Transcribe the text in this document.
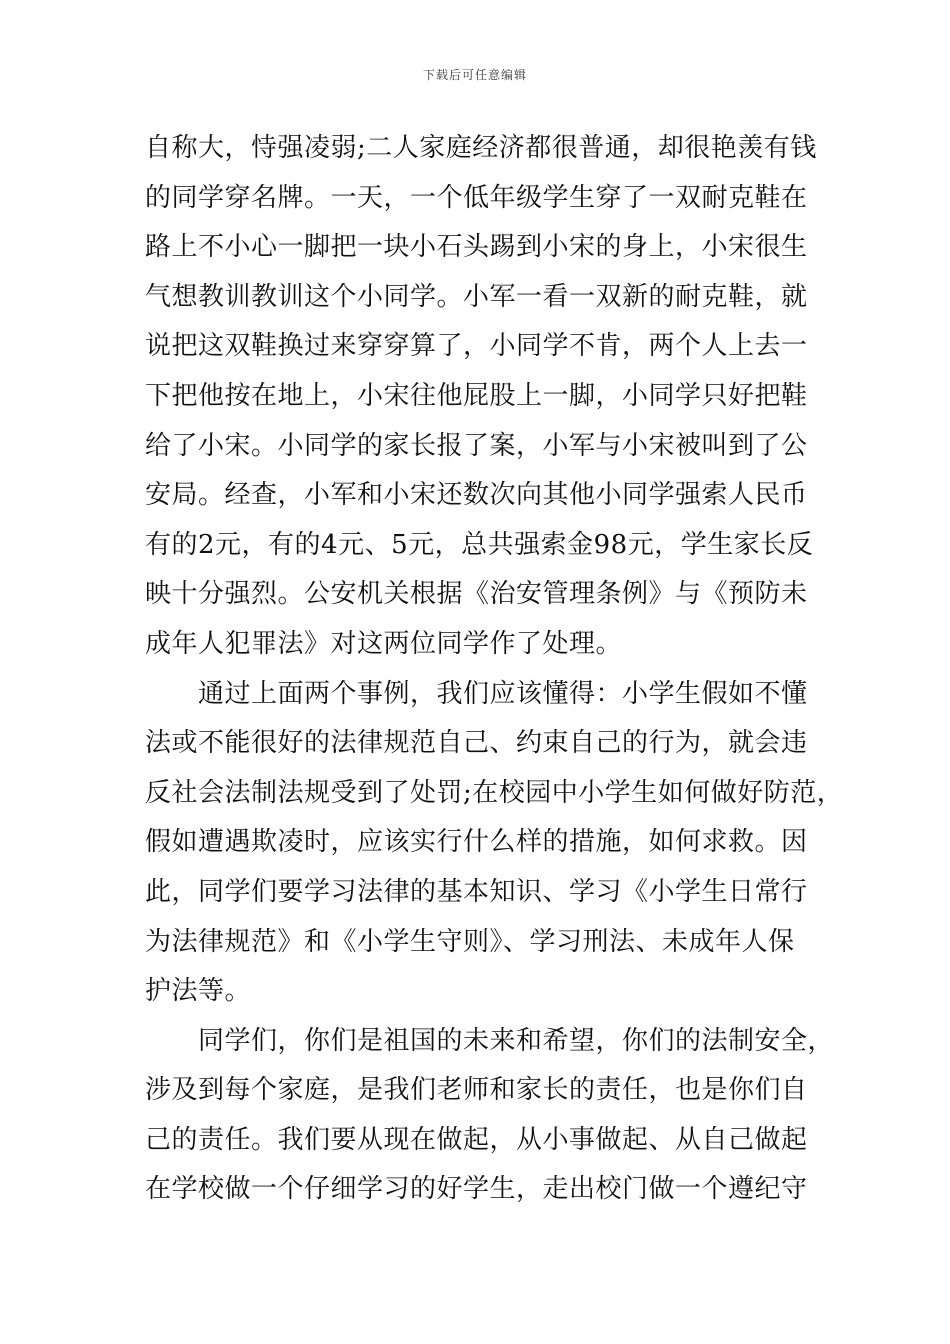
下载后可任意编辑
自称大，恃强凌弱;二人家庭经济都很普通，却很艳羡有钱
的同学穿名牌。一天，一个低年级学生穿了一双耐克鞋在
路上不小心一脚把一块小石头踢到小宋的身上，小宋很生
气想教训教训这个小同学。小军一看一双新的耐克鞋，就
说把这双鞋换过来穿穿算了，小同学不肯，两个人上去一
下把他按在地上，小宋往他屁股上一脚，小同学只好把鞋
给了小宋。小同学的家长报了案，小军与小宋被叫到了公
安局。经查，小军和小宋还数次向其他小同学强索人民币
有的2元，有的4元、5元，总共强索金98元，学生家长反
映十分强烈。公安机关根据《治安管理条例》与《预防未
成年人犯罪法》对这两位同学作了处理。
　　通过上面两个事例，我们应该懂得：小学生假如不懂
法或不能很好的法律规范自己、约束自己的行为，就会违
反社会法制法规受到了处罚;在校园中小学生如何做好防范，
假如遭遇欺凌时，应该实行什么样的措施，如何求救。因
此，同学们要学习法律的基本知识、学习《小学生日常行
为法律规范》和《小学生守则》、学习刑法、未成年人保
护法等。
　　同学们，你们是祖国的未来和希望，你们的法制安全，
涉及到每个家庭，是我们老师和家长的责任，也是你们自
己的责任。我们要从现在做起，从小事做起、从自己做起
在学校做一个仔细学习的好学生，走出校门做一个遵纪守
